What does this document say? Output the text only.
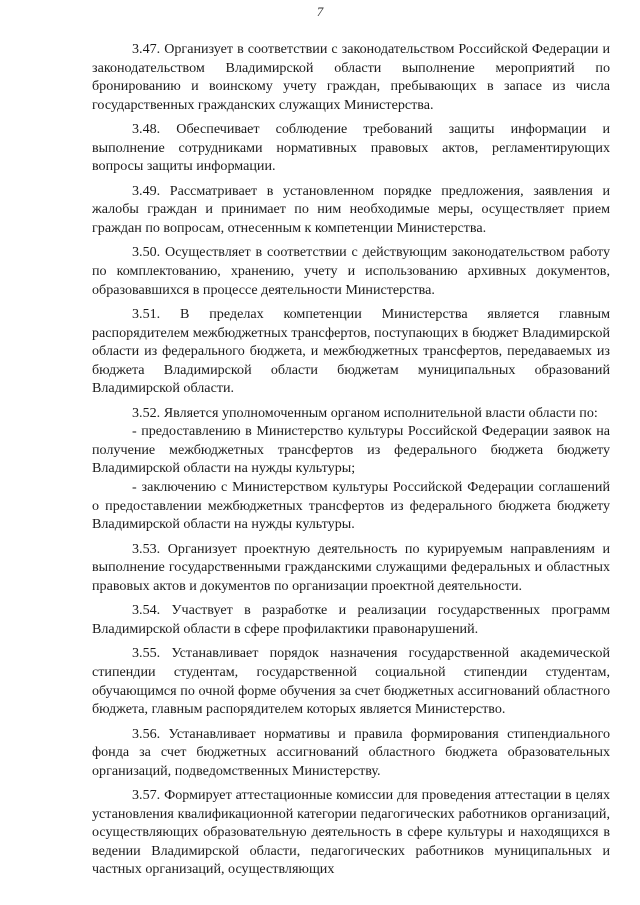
7

3.47. Организует в соответствии с законодательством Российской Федерации и законодательством Владимирской области выполнение мероприятий по бронированию и воинскому учету граждан, пребывающих в запасе из числа государственных гражданских служащих Министерства.

3.48. Обеспечивает соблюдение требований защиты информации и выполнение сотрудниками нормативных правовых актов, регламентирующих вопросы защиты информации.

3.49. Рассматривает в установленном порядке предложения, заявления и жалобы граждан и принимает по ним необходимые меры, осуществляет прием граждан по вопросам, отнесенным к компетенции Министерства.

3.50. Осуществляет в соответствии с действующим законодательством работу по комплектованию, хранению, учету и использованию архивных документов, образовавшихся в процессе деятельности Министерства.

3.51. В пределах компетенции Министерства является главным распорядителем межбюджетных трансфертов, поступающих в бюджет Владимирской области из федерального бюджета, и межбюджетных трансфертов, передаваемых из бюджета Владимирской области бюджетам муниципальных образований Владимирской области.

3.52. Является уполномоченным органом исполнительной власти области по:

- предоставлению в Министерство культуры Российской Федерации заявок на получение межбюджетных трансфертов из федерального бюджета бюджету Владимирской области на нужды культуры;

- заключению с Министерством культуры Российской Федерации соглашений о предоставлении межбюджетных трансфертов из федерального бюджета бюджету Владимирской области на нужды культуры.

3.53. Организует проектную деятельность по курируемым направлениям и выполнение государственными гражданскими служащими федеральных и областных правовых актов и документов по организации проектной деятельности.

3.54. Участвует в разработке и реализации государственных программ Владимирской области в сфере профилактики правонарушений.

3.55. Устанавливает порядок назначения государственной академической стипендии студентам, государственной социальной стипендии студентам, обучающимся по очной форме обучения за счет бюджетных ассигнований областного бюджета, главным распорядителем которых является Министерство.

3.56. Устанавливает нормативы и правила формирования стипендиального фонда за счет бюджетных ассигнований областного бюджета образовательных организаций, подведомственных Министерству.

3.57. Формирует аттестационные комиссии для проведения аттестации в целях установления квалификационной категории педагогических работников организаций, осуществляющих образовательную деятельность в сфере культуры и находящихся в ведении Владимирской области, педагогических работников муниципальных и частных организаций, осуществляющих
